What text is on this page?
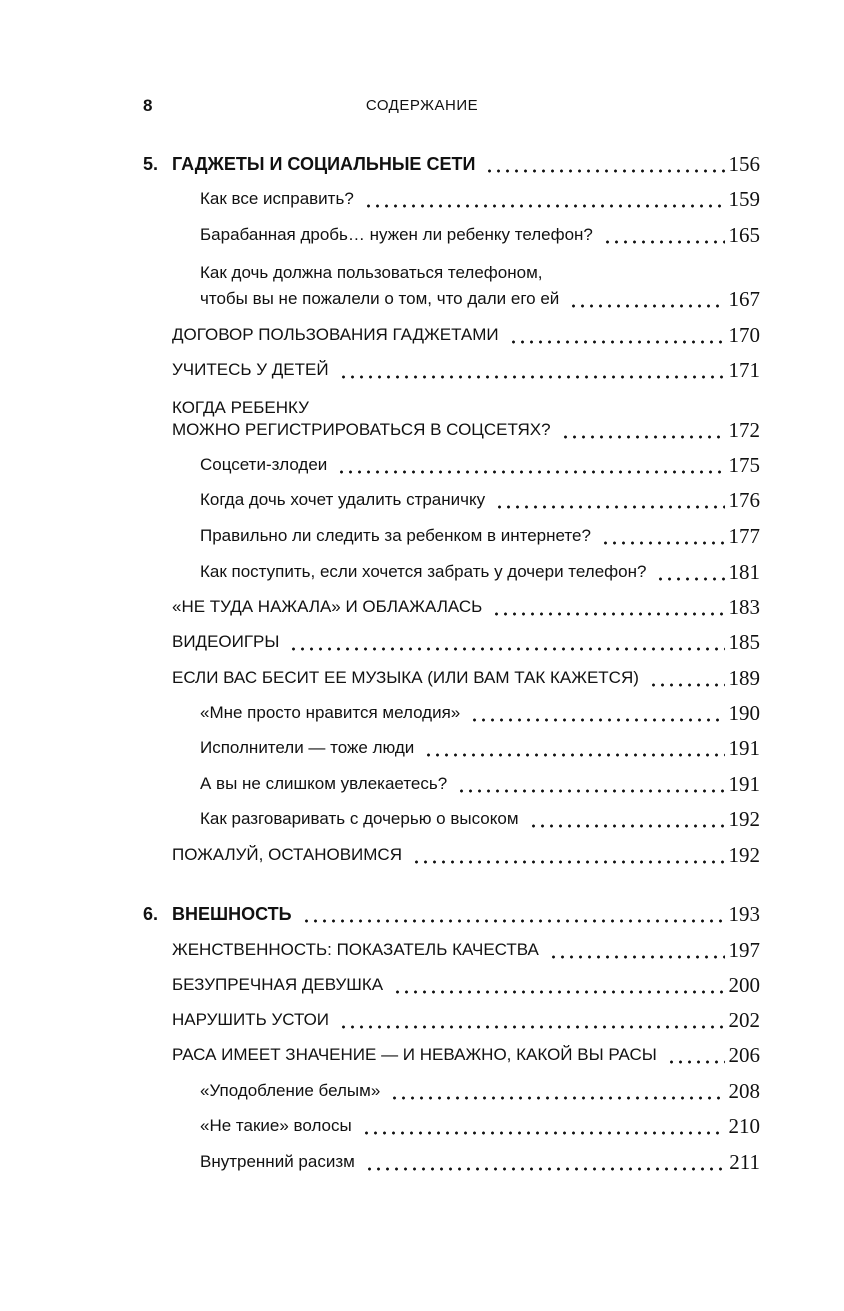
8	СОДЕРЖАНИЕ
5. ГАДЖЕТЫ И СОЦИАЛЬНЫЕ СЕТИ	156
Как все исправить?	159
Барабанная дробь… нужен ли ребенку телефон?	165
Как дочь должна пользоваться телефоном,
чтобы вы не пожалели о том, что дали его ей	167
ДОГОВОР ПОЛЬЗОВАНИЯ ГАДЖЕТАМИ	170
УЧИТЕСЬ У ДЕТЕЙ	171
КОГДА РЕБЕНКУ
МОЖНО РЕГИСТРИРОВАТЬСЯ В СОЦСЕТЯХ?	172
Соцсети-злодеи	175
Когда дочь хочет удалить страничку	176
Правильно ли следить за ребенком в интернете?	177
Как поступить, если хочется забрать у дочери телефон?	181
«НЕ ТУДА НАЖАЛА» И ОБЛАЖАЛАСЬ	183
ВИДЕОИГРЫ	185
ЕСЛИ ВАС БЕСИТ ЕЕ МУЗЫКА (ИЛИ ВАМ ТАК КАЖЕТСЯ)	189
«Мне просто нравится мелодия»	190
Исполнители — тоже люди	191
А вы не слишком увлекаетесь?	191
Как разговаривать с дочерью о высоком	192
ПОЖАЛУЙ, ОСТАНОВИМСЯ	192
6. ВНЕШНОСТЬ	193
ЖЕНСТВЕННОСТЬ: ПОКАЗАТЕЛЬ КАЧЕСТВА	197
БЕЗУПРЕЧНАЯ ДЕВУШКА	200
НАРУШИТЬ УСТОИ	202
РАСА ИМЕЕТ ЗНАЧЕНИЕ — И НЕВАЖНО, КАКОЙ ВЫ РАСЫ	206
«Уподобление белым»	208
«Не такие» волосы	210
Внутренний расизм	211
